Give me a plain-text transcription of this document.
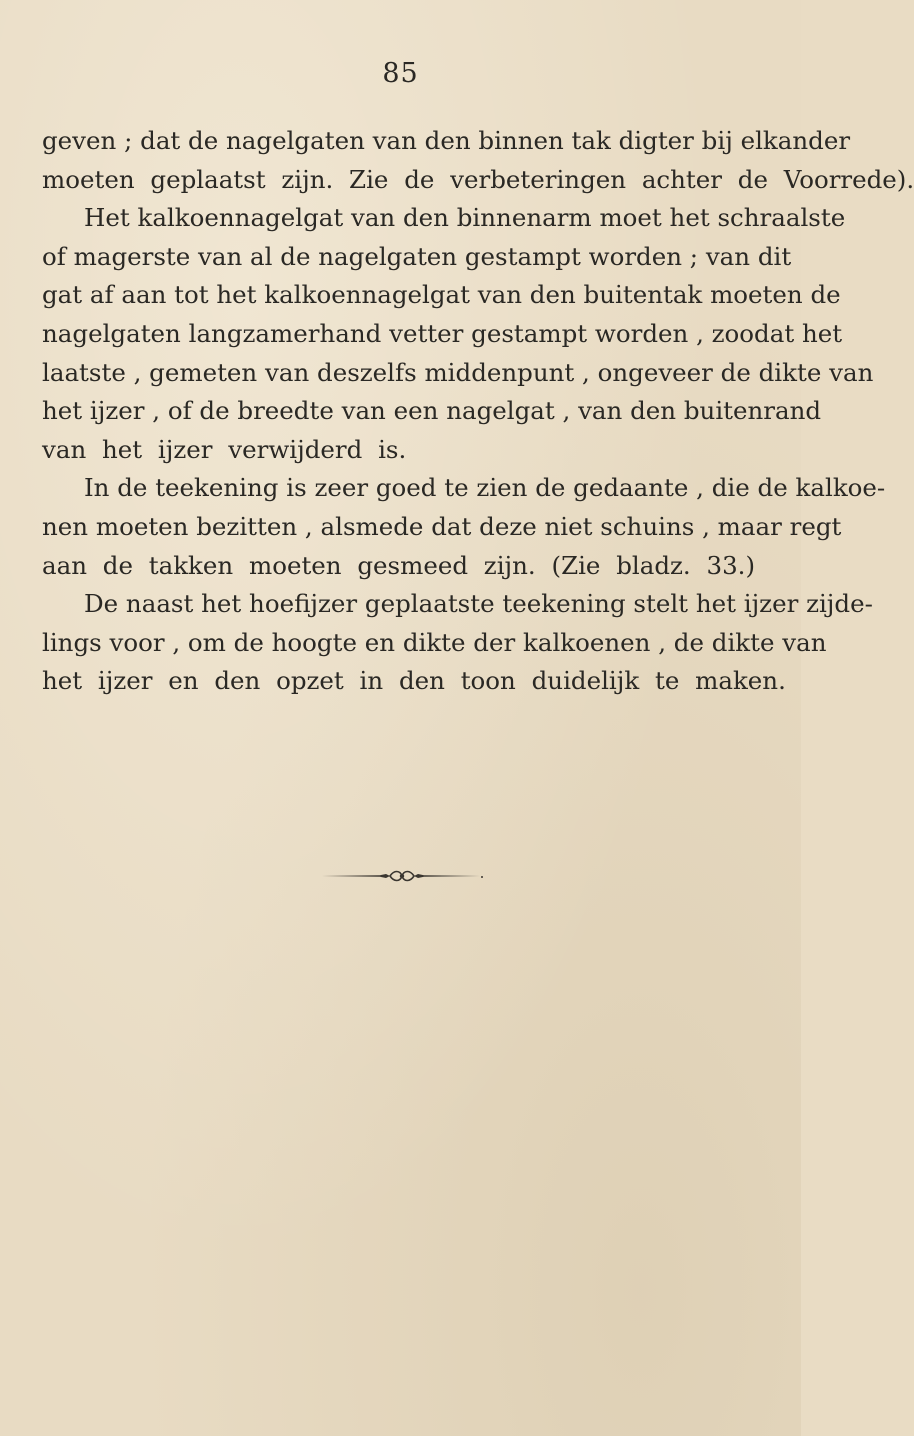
85
geven ; dat de nagelgaten van den binnen tak digter bij elkander
moeten geplaatst zijn. Zie de verbeteringen achter de Voorrede).
Het kalkoennagelgat van den binnenarm moet het schraalste
of magerste van al de nagelgaten gestampt worden ; van dit
gat af aan tot het kalkoennagelgat van den buitentak moeten de
nagelgaten langzamerhand vetter gestampt worden , zoodat het
laatste , gemeten van deszelfs middenpunt , ongeveer de dikte van
het ijzer , of de breedte van een nagelgat , van den buitenrand
van het ijzer verwijderd is.
In de teekening is zeer goed te zien de gedaante , die de kalkoe-
nen moeten bezitten , alsmede dat deze niet schuins , maar regt
aan de takken moeten gesmeed zijn. (Zie bladz. 33.)
De naast het hoefijzer geplaatste teekening stelt het ijzer zijde-
lings voor , om de hoogte en dikte der kalkoenen , de dikte van
het ijzer en den opzet in den toon duidelijk te maken.
